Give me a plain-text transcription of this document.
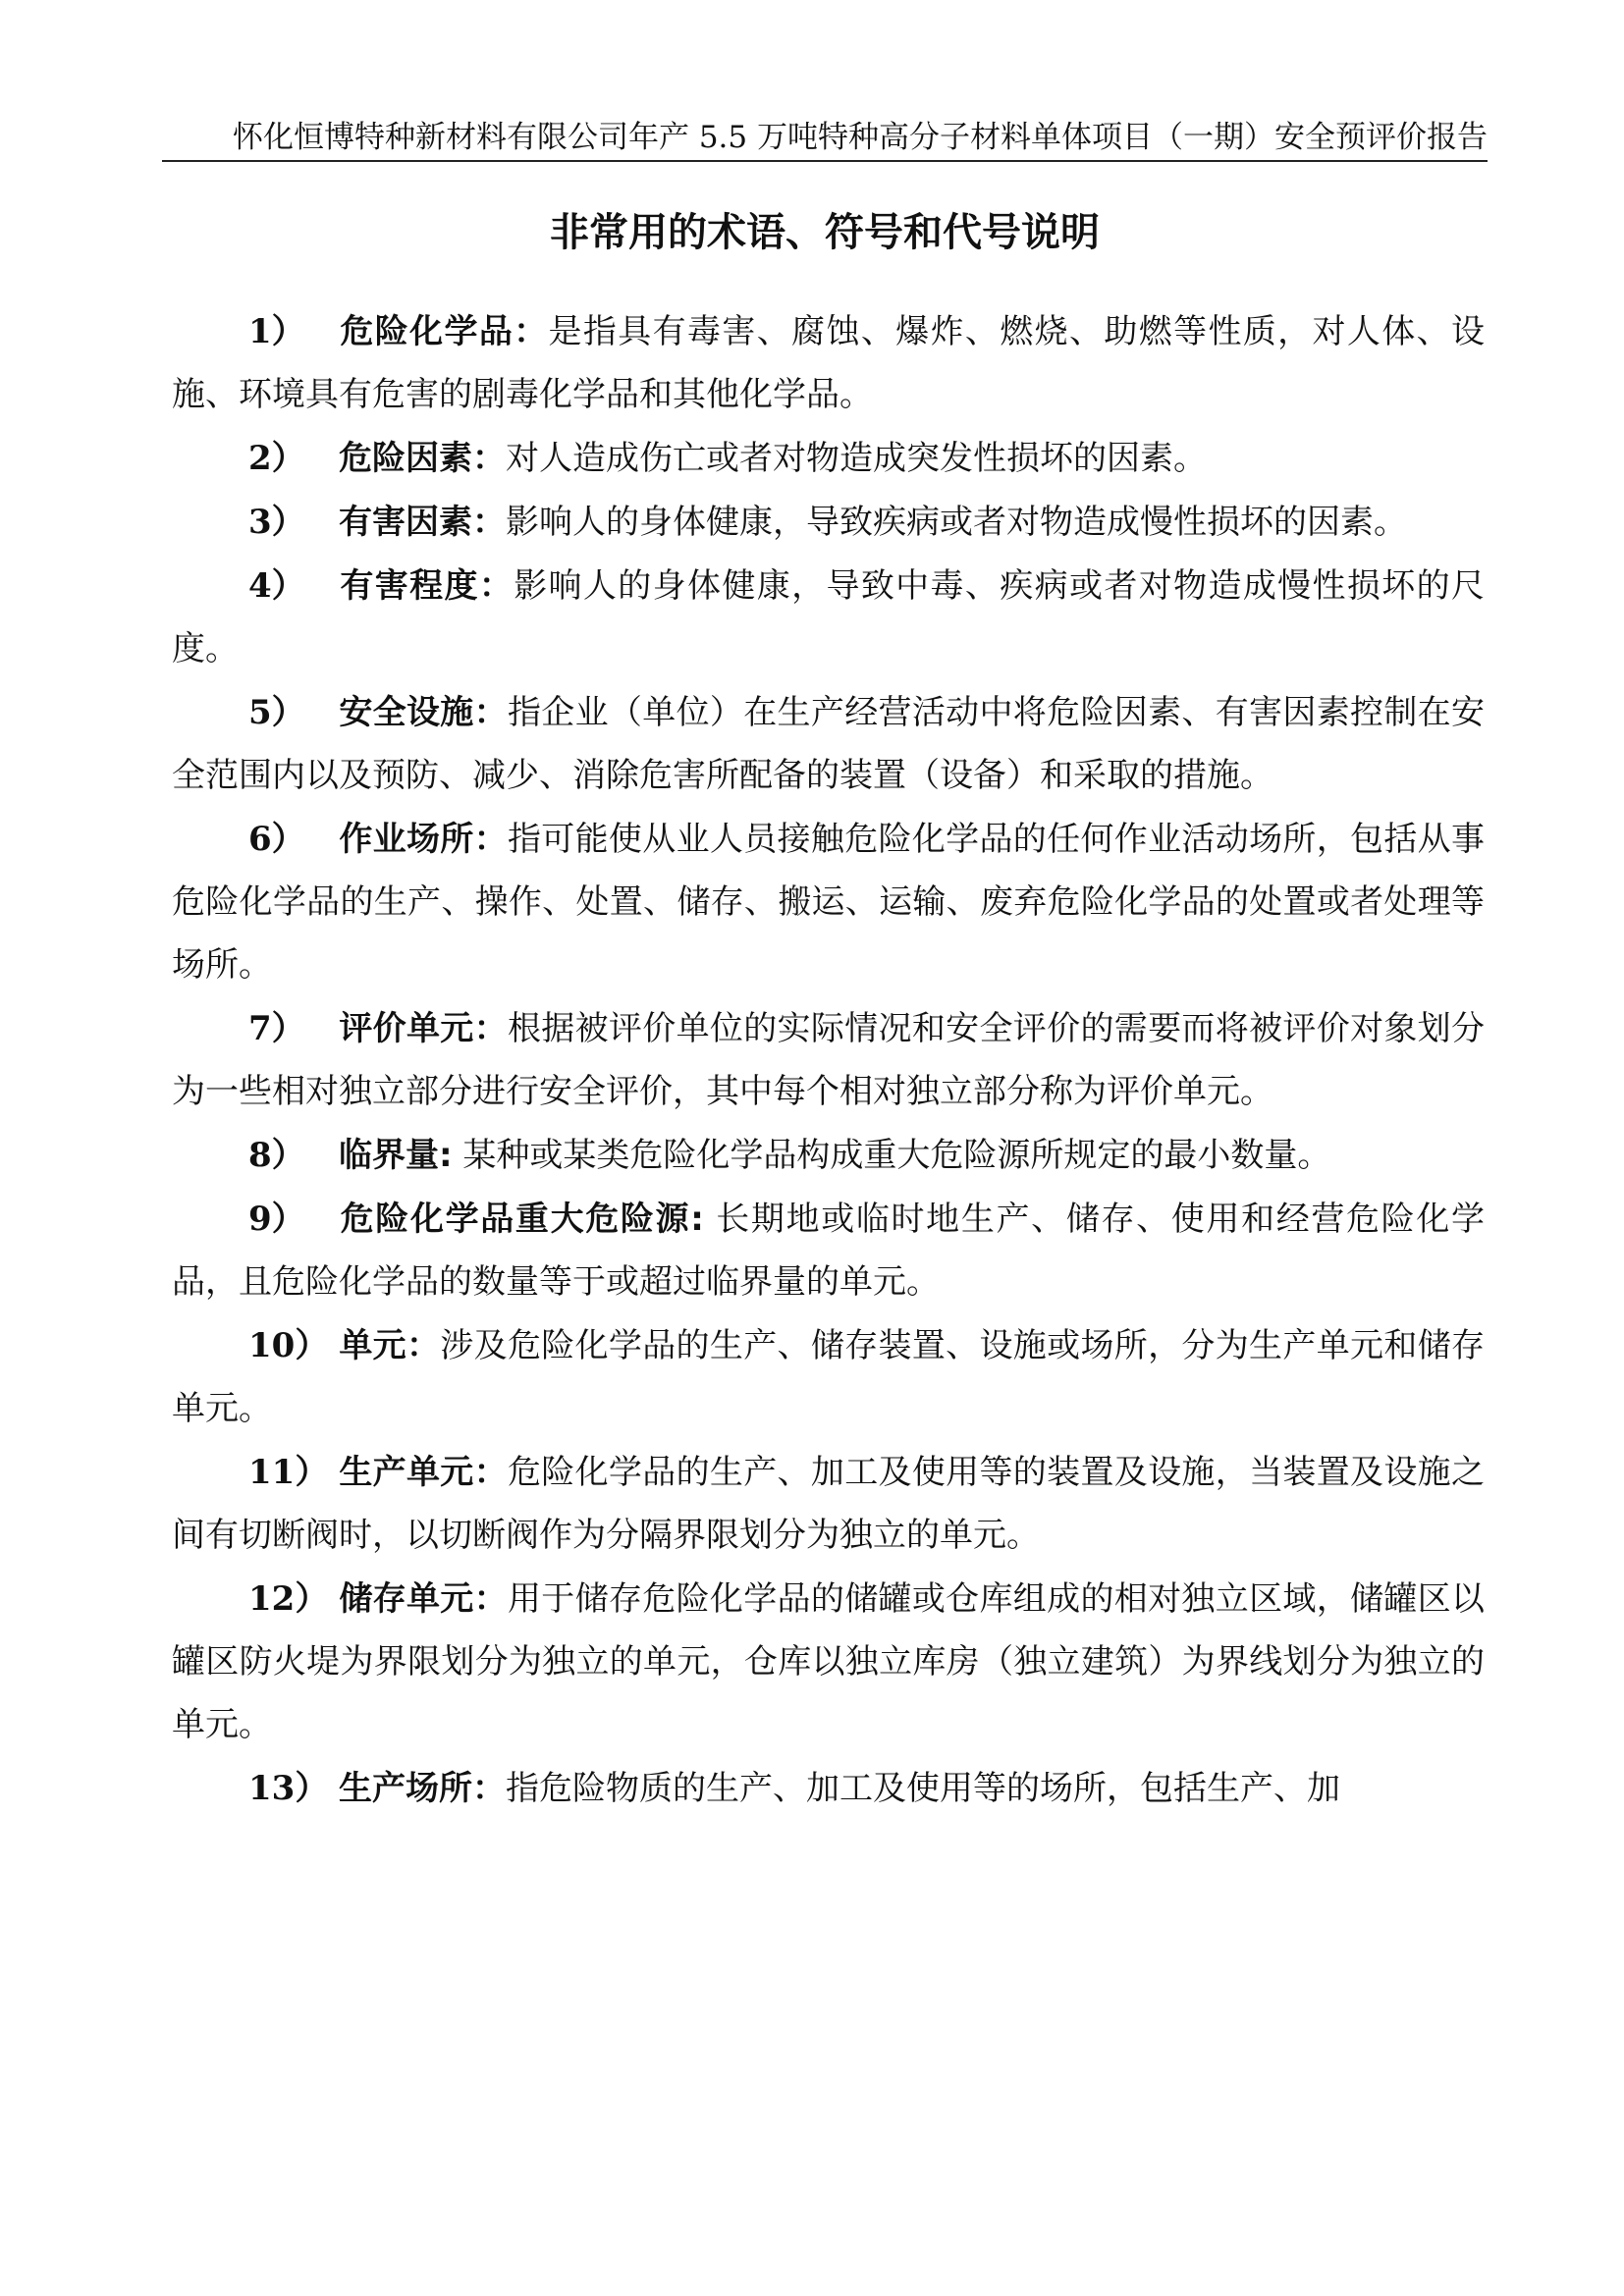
怀化恒博特种新材料有限公司年产 5.5 万吨特种高分子材料单体项目（一期）安全预评价报告
非常用的术语、符号和代号说明

1） 危险化学品：是指具有毒害、腐蚀、爆炸、燃烧、助燃等性质，对人体、设施、环境具有危害的剧毒化学品和其他化学品。

2） 危险因素：对人造成伤亡或者对物造成突发性损坏的因素。

3） 有害因素：影响人的身体健康，导致疾病或者对物造成慢性损坏的因素。

4） 有害程度：影响人的身体健康，导致中毒、疾病或者对物造成慢性损坏的尺度。

5） 安全设施：指企业（单位）在生产经营活动中将危险因素、有害因素控制在安全范围内以及预防、减少、消除危害所配备的装置（设备）和采取的措施。

6） 作业场所：指可能使从业人员接触危险化学品的任何作业活动场所，包括从事危险化学品的生产、操作、处置、储存、搬运、运输、废弃危险化学品的处置或者处理等场所。

7） 评价单元：根据被评价单位的实际情况和安全评价的需要而将被评价对象划分为一些相对独立部分进行安全评价，其中每个相对独立部分称为评价单元。

8） 临界量: 某种或某类危险化学品构成重大危险源所规定的最小数量。

9） 危险化学品重大危险源: 长期地或临时地生产、储存、使用和经营危险化学品，且危险化学品的数量等于或超过临界量的单元。

10） 单元：涉及危险化学品的生产、储存装置、设施或场所，分为生产单元和储存单元。

11） 生产单元：危险化学品的生产、加工及使用等的装置及设施，当装置及设施之间有切断阀时，以切断阀作为分隔界限划分为独立的单元。

12） 储存单元：用于储存危险化学品的储罐或仓库组成的相对独立区域，储罐区以罐区防火堤为界限划分为独立的单元，仓库以独立库房（独立建筑）为界线划分为独立的单元。

13） 生产场所：指危险物质的生产、加工及使用等的场所，包括生产、加
